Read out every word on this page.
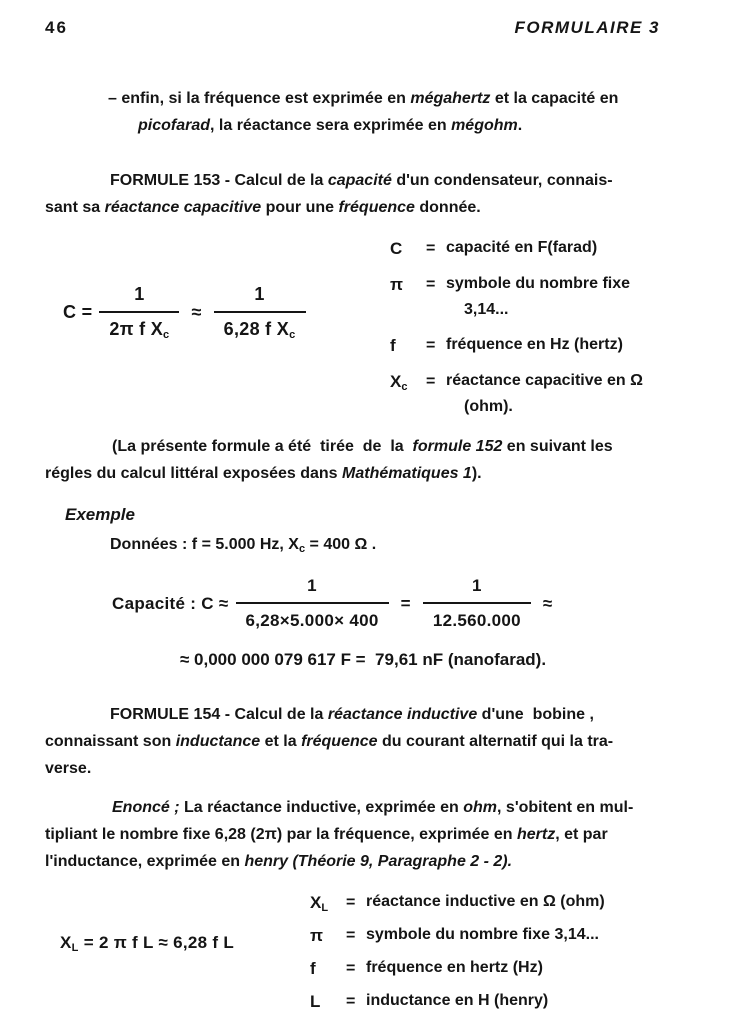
46	FORMULAIRE 3
– enfin, si la fréquence est exprimée en mégahertz et la capacité en
picofarad, la réactance sera exprimée en mégohm.
FORMULE 153 - Calcul de la capacité d'un condensateur, connais-
sant sa réactance capacitive pour une fréquence donnée.
$C = \frac{1}{2\pi f X_c} \approx \frac{1}{6,28 f X_c}$
C	= capacité en F(farad)
π	= symbole du nombre fixe
3,14...
f	= fréquence en Hz (hertz)
$X_c$	= réactance capacitive en Ω
(ohm).
(La présente formule a été  tirée  de  la  formule 152 en suivant les
régles du calcul littéral exposées dans Mathématiques 1).
Exemple
Données : f = 5.000 Hz, $X_c = 400$ Ω .
Capacité : $C \approx \frac{1}{6,28\times 5.000\times 400} = \frac{1}{12.560.000}$ ≈
≈ 0,000 000 079 617 F =  79,61 nF (nanofarad).
FORMULE 154 - Calcul de la réactance inductive d'une  bobine ,
connaissant son inductance et la fréquence du courant alternatif qui la tra-
verse.
Enoncé ; La réactance inductive, exprimée en ohm, s'obitent en mul-
tipliant le nombre fixe 6,28 (2π) par la fréquence, exprimée en hertz, et par
l'inductance, exprimée en henry (Théorie 9, Paragraphe 2 - 2).
$X_L = 2$ π f L ≈ 6,28 f L
$X_L$	= réactance inductive en Ω (ohm)
π	= symbole du nombre fixe 3,14...
f	= fréquence en hertz (Hz)
L	= inductance en H (henry)
